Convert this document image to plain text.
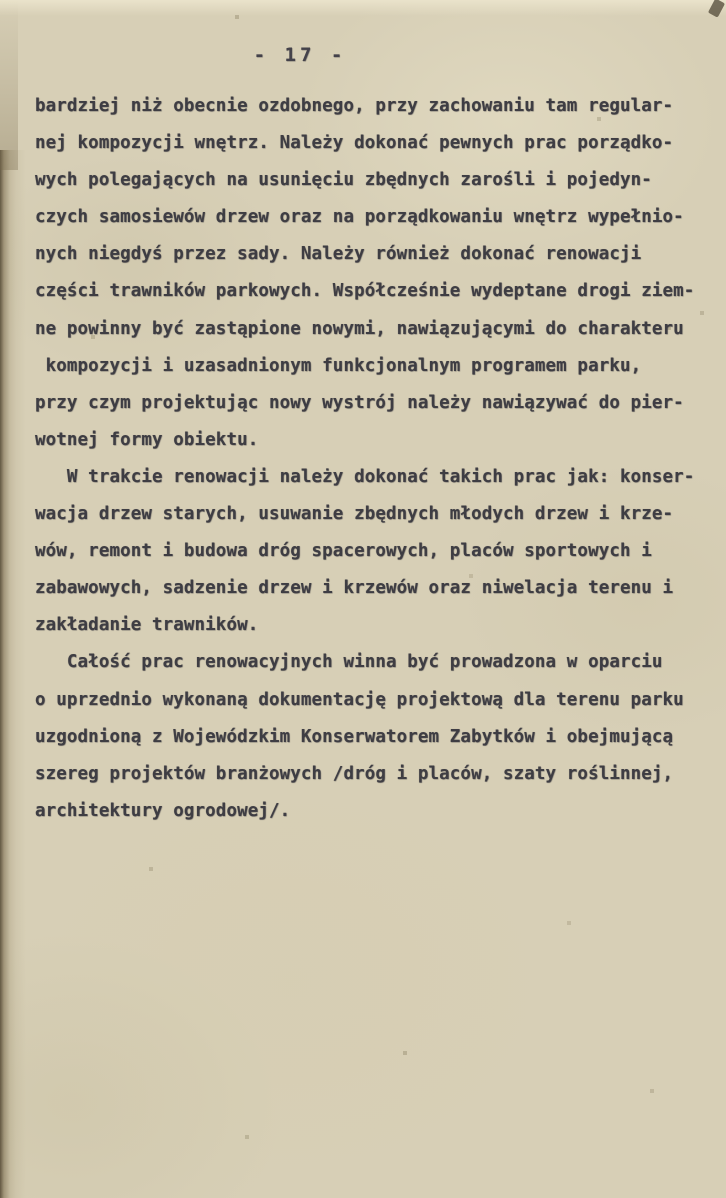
- 17 -
bardziej niż obecnie ozdobnego, przy zachowaniu tam regular-
nej kompozycji wnętrz. Należy dokonać pewnych prac porządko-
wych polegających na usunięciu zbędnych zarośli i pojedyn-
czych samosiewów drzew oraz na porządkowaniu wnętrz wypełnio-
nych niegdyś przez sady. Należy również dokonać renowacji
części trawników parkowych. Współcześnie wydeptane drogi ziem-
ne powinny być zastąpione nowymi, nawiązującymi do charakteru
kompozycji i uzasadnionym funkcjonalnym programem parku,
przy czym projektując nowy wystrój należy nawiązywać do pier-
wotnej formy obiektu.
W trakcie renowacji należy dokonać takich prac jak: konser-
wacja drzew starych, usuwanie zbędnych młodych drzew i krze-
wów, remont i budowa dróg spacerowych, placów sportowych i
zabawowych, sadzenie drzew i krzewów oraz niwelacja terenu i
zakładanie trawników.
Całość prac renowacyjnych winna być prowadzona w oparciu
o uprzednio wykonaną dokumentację projektową dla terenu parku
uzgodnioną z Wojewódzkim Konserwatorem Zabytków i obejmującą
szereg projektów branżowych /dróg i placów, szaty roślinnej,
architektury ogrodowej/.
